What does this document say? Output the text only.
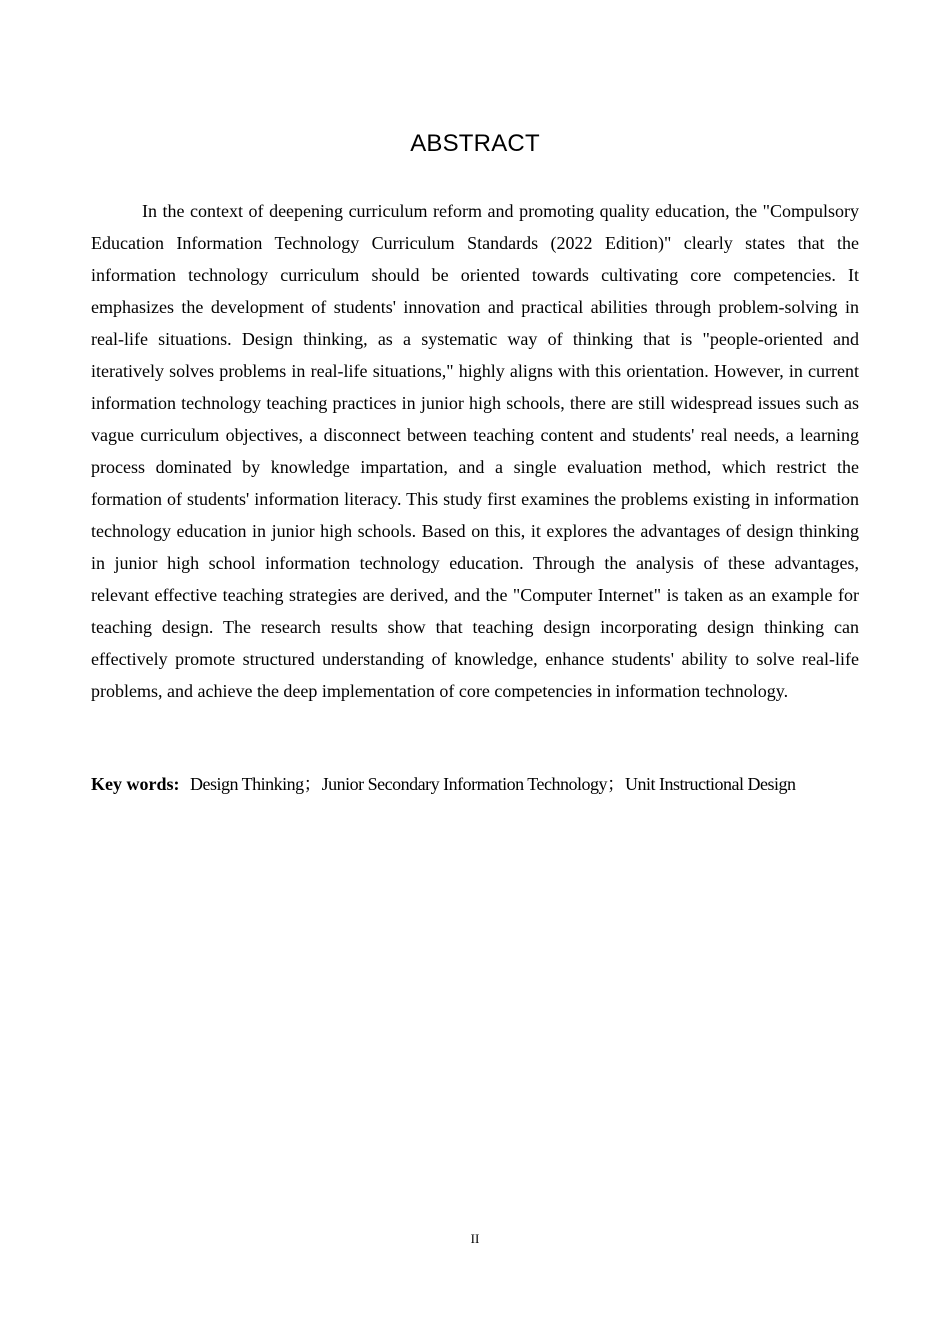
ABSTRACT

In the context of deepening curriculum reform and promoting quality education, the "Compulsory Education Information Technology Curriculum Standards (2022 Edition)" clearly states that the information technology curriculum should be oriented towards cultivating core competencies. It emphasizes the development of students' innovation and practical abilities through problem-solving in real-life situations. Design thinking, as a systematic way of thinking that is "people-oriented and iteratively solves problems in real-life situations," highly aligns with this orientation. However, in current information technology teaching practices in junior high schools, there are still widespread issues such as vague curriculum objectives, a disconnect between teaching content and students' real needs, a learning process dominated by knowledge impartation, and a single evaluation method, which restrict the formation of students' information literacy. This study first examines the problems existing in information technology education in junior high schools. Based on this, it explores the advantages of design thinking in junior high school information technology education. Through the analysis of these advantages, relevant effective teaching strategies are derived, and the "Computer Internet" is taken as an example for teaching design. The research results show that teaching design incorporating design thinking can effectively promote structured understanding of knowledge, enhance students' ability to solve real-life problems, and achieve the deep implementation of core competencies in information technology.

Key words: Design Thinking；Junior Secondary Information Technology；Unit Instructional Design

II
